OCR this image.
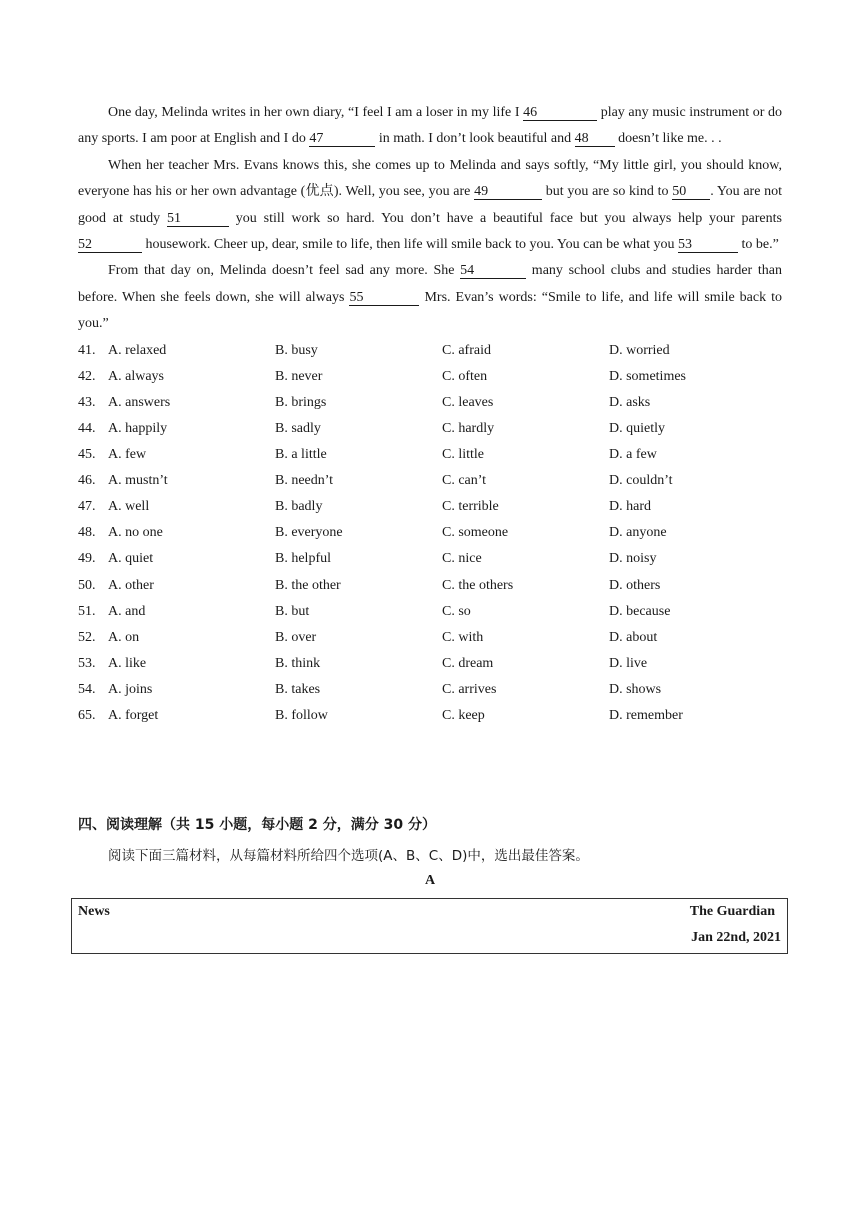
One day, Melinda writes in her own diary, “I feel I am a loser in my life I 46	play any music instrument or do any sports. I am poor at English and I do 47	in math. I don’t look beautiful and 48 doesn’t like me. . .

When her teacher Mrs. Evans knows this, she comes up to Melinda and says softly, “My little girl, you should know, everyone has his or her own advantage (优点). Well, you see, you are 49	but you are so kind to 50 . You are not good at study 51	you still work so hard. You don’t have a beautiful face but you always help your parents 52	housework. Cheer up, dear, smile to life, then life will smile back to you. You can be what you 53	to be.”

From that day on, Melinda doesn’t feel sad any more. She 54	many school clubs and studies harder than before. When she feels down, she will always 55	Mrs. Evan’s words: “Smile to life, and life will smile back to you.”

41. A. relaxed	B. busy	C. afraid	D. worried
42. A. always	B. never	C. often	D. sometimes
43. A. answers	B. brings	C. leaves	D. asks
44. A. happily	B. sadly	C. hardly	D. quietly
45. A. few	B. a little	C. little	D. a few
46. A. mustn’t	B. needn’t	C. can’t	D. couldn’t
47. A. well	B. badly	C. terrible	D. hard
48. A. no one	B. everyone	C. someone	D. anyone
49. A. quiet	B. helpful	C. nice	D. noisy
50. A. other	B. the other	C. the others	D. others
51. A. and	B. but	C. so	D. because
52. A. on	B. over	C. with	D. about
53. A. like	B. think	C. dream	D. live
54. A. joins	B. takes	C. arrives	D. shows
65. A. forget	B. follow	C. keep	D. remember
四、阅读理解（共 15 小题，每小题 2 分，满分 30 分）
阅读下面三篇材料，从每篇材料所给四个选项(A、B、C、D)中，选出最佳答案。
A
News	The Guardian
Jan 22nd, 2021
